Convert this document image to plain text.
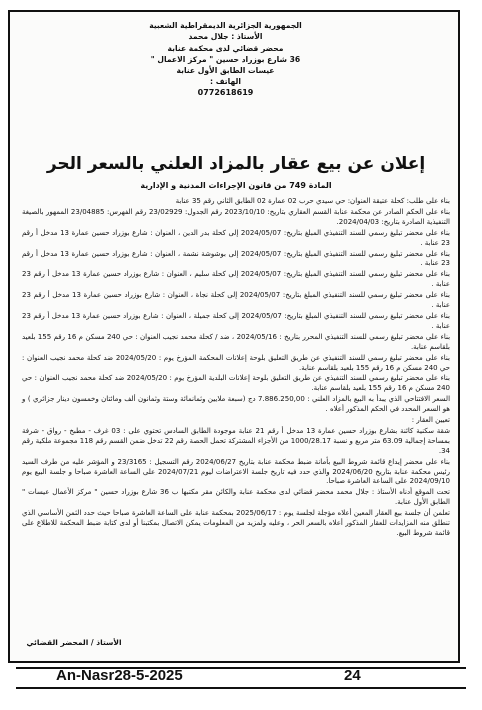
الجمهورية الجزائرية الديمقراطية الشعبية
الأستاذ : جلال محمد
محضر قضائي لدى محكمة عنابة
36 شارع بوزراد حسين " مركز الاعمال "
عيسات الطابق الأول عنابة
الهاتف :
0772618619
إعلان عن بيع عقار بالمزاد العلني بالسعر الحر
المادة 749 من قانون الإجراءات المدنية و الإدارية

بناء على طلب: كحلة عتيقة العنوان: حي سيدي حرب 02 عمارة 02 الطابق الثاني رقم 35 عنابة

بناء على الحكم الصادر عن محكمة عنابة القسم العقاري بتاريخ: 2023/10/10 رقم الجدول: 23/02929 رقم الفهرس: 23/04885 الممهور بالصيغة التنفيذية الصادرة بتاريخ: 2024/04/03.

بناء على محضر تبليغ رسمي للسند التنفيذي المبلغ بتاريخ: 2024/05/07 إلى كحلة بدر الدين ، العنوان : شارع بوزراد حسين عمارة 13 مدخل أ رقم 23 عنابة .

بناء على محضر تبليغ رسمي للسند التنفيذي المبلغ بتاريخ: 2024/05/07 إلى بوشوشة نشمة ، العنوان : شارع بوزراد حسين عمارة 13 مدخل أ رقم 23 عنابة .

بناء على محضر تبليغ رسمي للسند التنفيذي المبلغ بتاريخ: 2024/05/07 إلى كحلة سليم ، العنوان : شارع بوزراد حسين عمارة 13 مدخل أ رقم 23 عنابة .

بناء على محضر تبليغ رسمي للسند التنفيذي المبلغ بتاريخ: 2024/05/07 إلى كحلة نجاة ، العنوان : شارع بوزراد حسين عمارة 13 مدخل أ رقم 23 عنابة .

بناء على محضر تبليغ رسمي للسند التنفيذي المبلغ بتاريخ: 2024/05/07 إلى كحلة جميلة ، العنوان : شارع بوزراد حسين عمارة 13 مدخل أ رقم 23 عنابة .

بناء على محضر تبليغ رسمي للسند التنفيذي المحرر بتاريخ : 2024/05/16 ، ضد / كحلة محمد نجيب العنوان : حي 240 مسكن م 16 رقم 155 بلعيد بلقاسم عنابة.

بناء على محضر تبليغ رسمي للسند التنفيذي عن طريق التعليق بلوحة إعلانات المحكمة المؤرخ يوم : 2024/05/20 ضد كحلة محمد نجيب العنوان : حي 240 مسكن م 16 رقم 155 بلعيد بلقاسم عنابة.

بناء على محضر تبليغ رسمي للسند التنفيذي عن طريق التعليق بلوحة إعلانات البلدية المؤرخ يوم : 2024/05/20 ضد كحلة محمد نجيب العنوان : حي 240 مسكن م 16 رقم 155 بلعيد بلقاسم عنابة.

السعر الافتتاحي الذي يبدأ به البيع بالمزاد العلني : 7.886.250,00 دج (سبعة ملايين وثمانمائة وستة وثمانون ألف ومائتان وخمسون دينار جزائري ) و هو السعر المحدد في الحكم المذكور أعلاه .

تعيين العقار :

شقة سكنية كائنة بشارع بوزراد حسين عمارة 13 مدخل أ رقم 21 عنابة موجودة الطابق السادس تحتوي على : 03 غرف - مطبخ - رواق - شرفة بمساحة إجمالية 63.09 متر مربع و نسبة 1000/28.17 من الأجزاء المشتركة تحمل الحصة رقم 22 تدخل ضمن القسم رقم 118 مجموعة ملكية رقم 34.

بناء على محضر إيداع قائمة شروط البيع بأمانة ضبط محكمة عنابة بتاريخ 2024/06/27 رقم التسجيل : 23/3165 و المؤشر عليه من طرف السيد رئيس محكمة عنابة بتاريخ 2024/06/20 والذي حدد فيه تاريخ جلسة الاعتراضات ليوم 2024/07/21 على الساعة العاشرة صباحا و جلسة البيع يوم 2024/09/10 على الساعة العاشرة صباحا.

تحت الموقع أدناه الأستاذ : جلال محمد محضر قضائي لدى محكمة عنابة والكائن مقر مكتبها ب 36 شارع بوزراد حسين " مركز الأعمال عيسات " الطابق الأول عنابة.

تعلمن أن جلسة بيع العقار المعين أعلاه مؤجلة لجلسة يوم : 2025/06/17 بمحكمة عنابة على الساعة العاشرة صباحا حيث حدد الثمن الأساسي الذي تنطلق منه المزايدات للعقار المذكور أعلاه بالسعر الحر ، وعليه ولمزيد من المعلومات يمكن الاتصال بمكتبنا أو لدى كتابة ضبط المحكمة للاطلاع على قائمة شروط البيع.

الأستاذ / المحضر القضائي
An-Nasr28-5-2025	24
